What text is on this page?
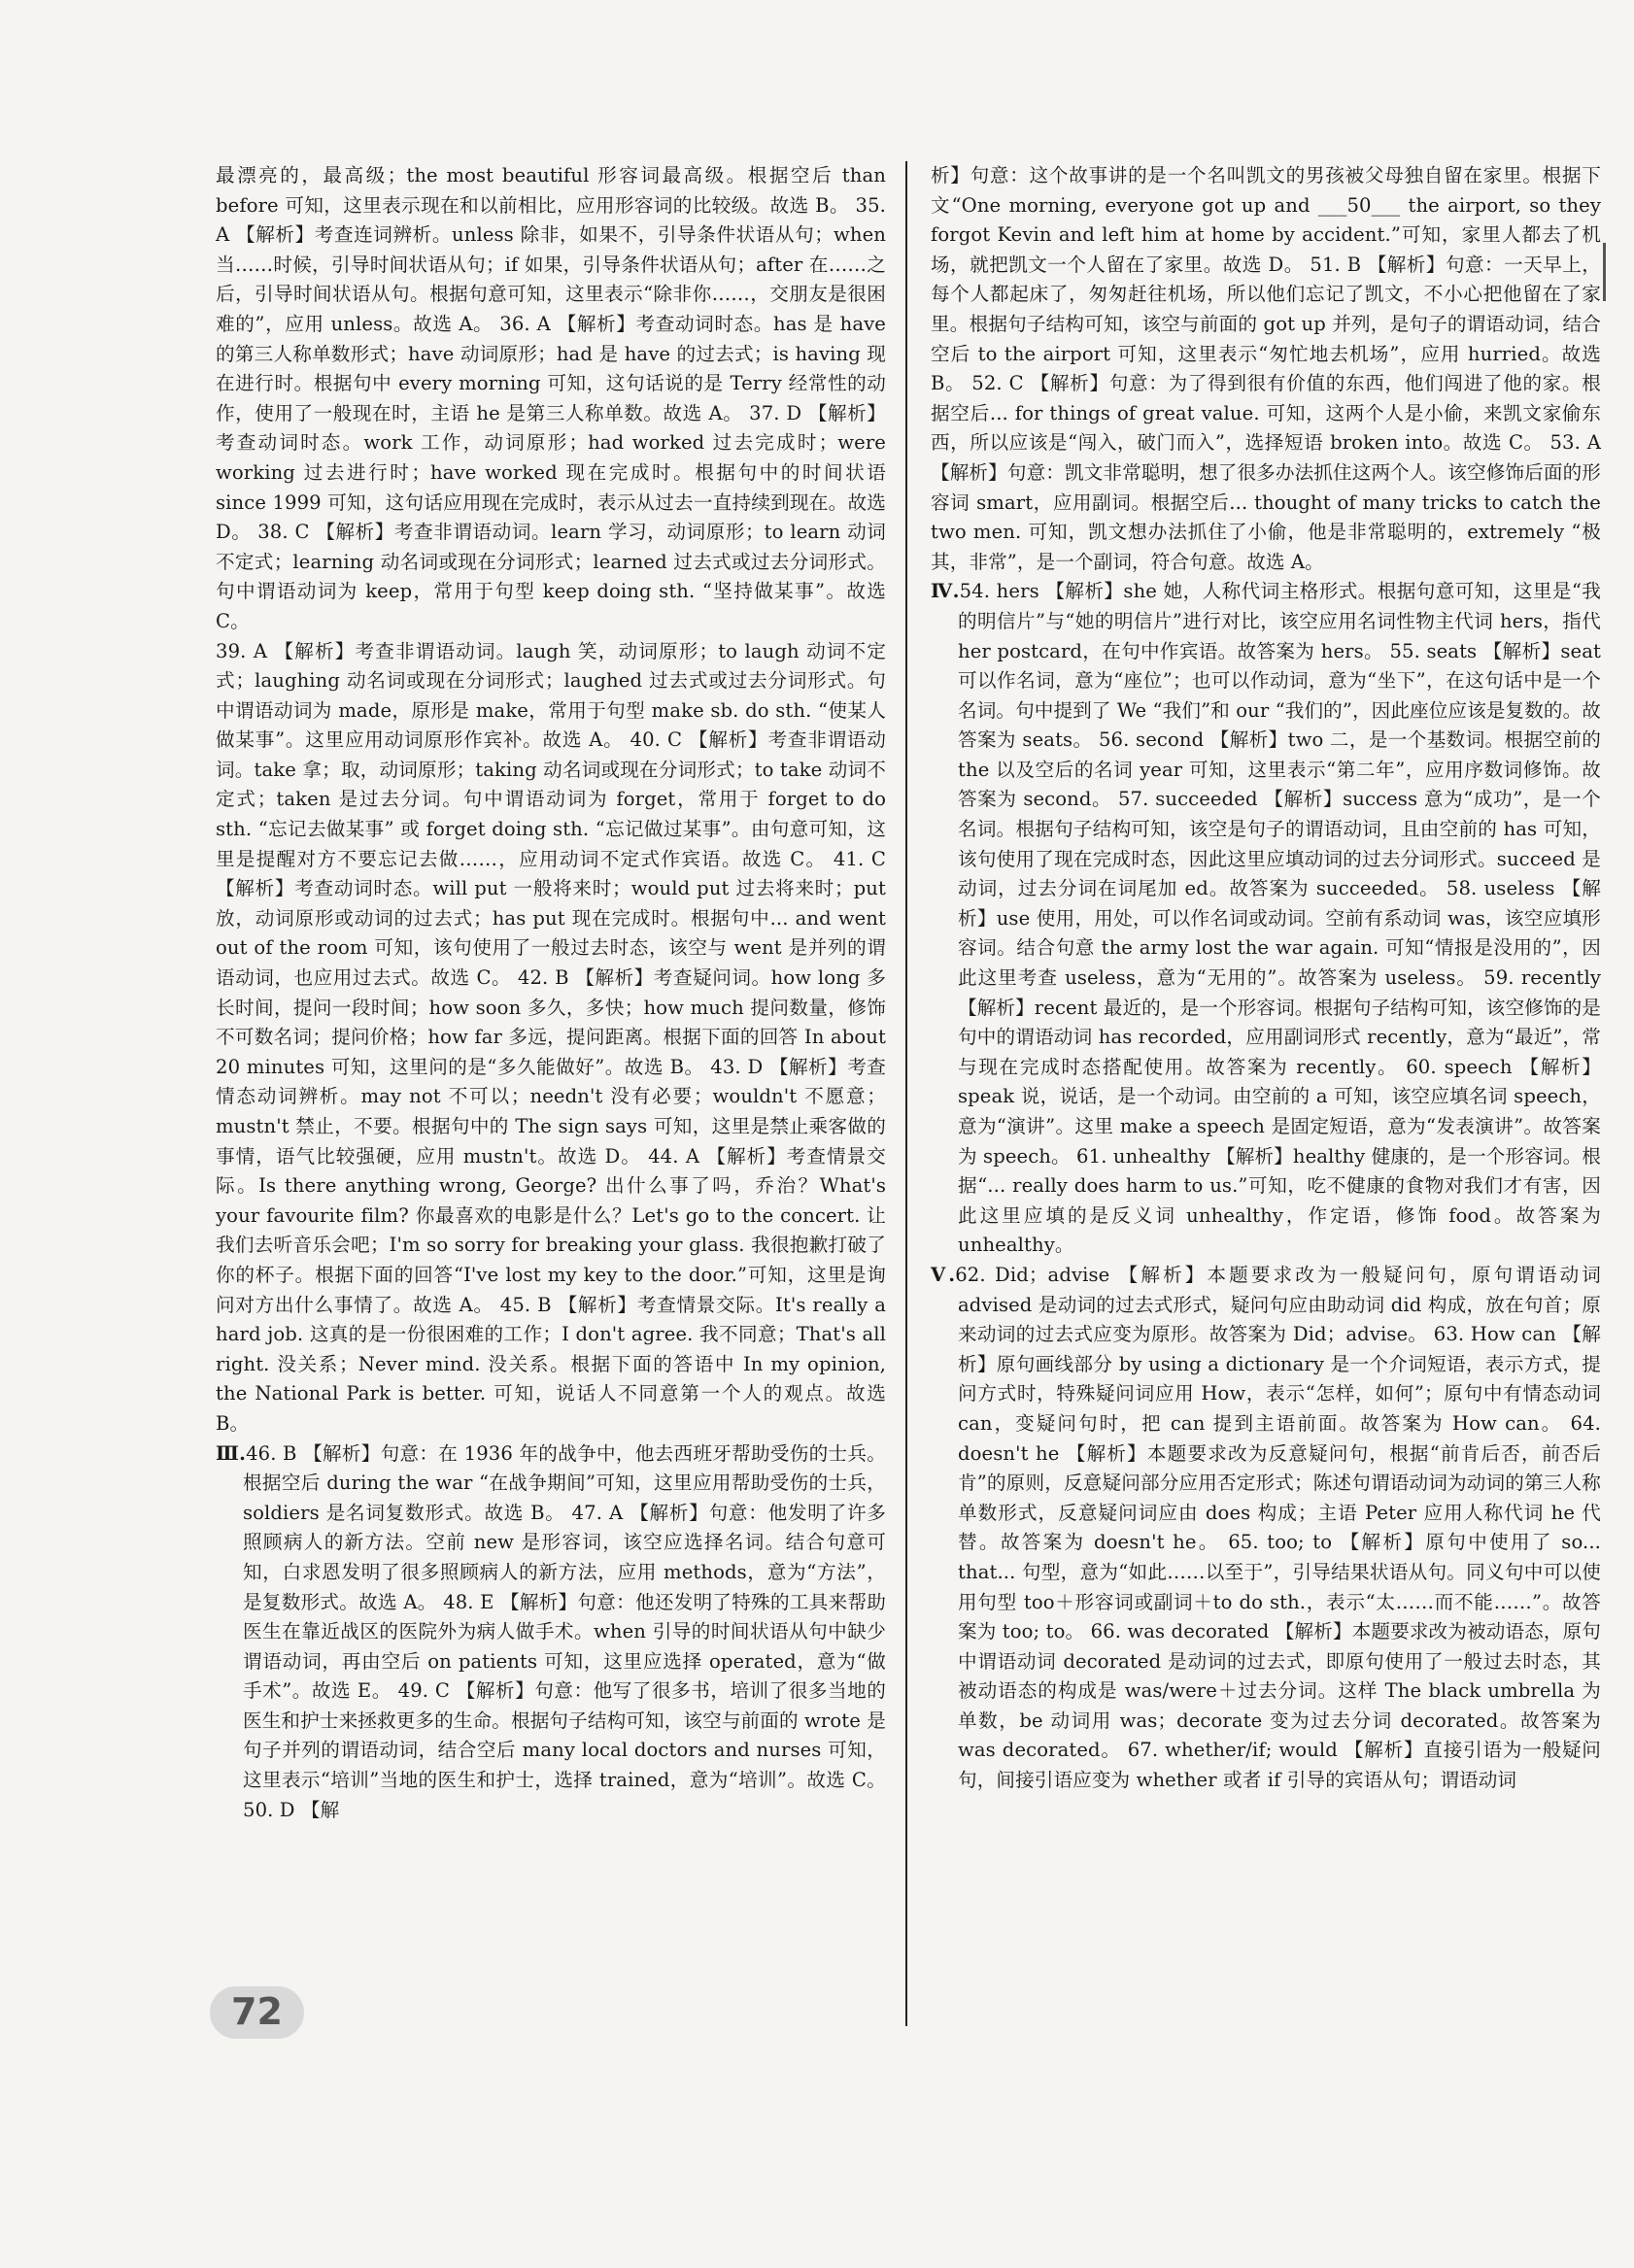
最漂亮的，最高级；the most beautiful 形容词最高级。根据空后 than before 可知，这里表示现在和以前相比，应用形容词的比较级。故选 B。 35. A 【解析】考查连词辨析。unless 除非，如果不，引导条件状语从句；when 当……时候，引导时间状语从句；if 如果，引导条件状语从句；after 在……之后，引导时间状语从句。根据句意可知，这里表示“除非你……，交朋友是很困难的”，应用 unless。故选 A。 36. A 【解析】考查动词时态。has 是 have 的第三人称单数形式；have 动词原形；had 是 have 的过去式；is having 现在进行时。根据句中 every morning 可知，这句话说的是 Terry 经常性的动作，使用了一般现在时，主语 he 是第三人称单数。故选 A。 37. D 【解析】考查动词时态。work 工作，动词原形；had worked 过去完成时；were working 过去进行时；have worked 现在完成时。根据句中的时间状语 since 1999 可知，这句话应用现在完成时，表示从过去一直持续到现在。故选 D。 38. C 【解析】考查非谓语动词。learn 学习，动词原形；to learn 动词不定式；learning 动名词或现在分词形式；learned 过去式或过去分词形式。句中谓语动词为 keep，常用于句型 keep doing sth. “坚持做某事”。故选 C。

39. A 【解析】考查非谓语动词。laugh 笑，动词原形；to laugh 动词不定式；laughing 动名词或现在分词形式；laughed 过去式或过去分词形式。句中谓语动词为 made，原形是 make，常用于句型 make sb. do sth. “使某人做某事”。这里应用动词原形作宾补。故选 A。 40. C 【解析】考查非谓语动词。take 拿；取，动词原形；taking 动名词或现在分词形式；to take 动词不定式；taken 是过去分词。句中谓语动词为 forget，常用于 forget to do sth. “忘记去做某事” 或 forget doing sth. “忘记做过某事”。由句意可知，这里是提醒对方不要忘记去做……，应用动词不定式作宾语。故选 C。 41. C 【解析】考查动词时态。will put 一般将来时；would put 过去将来时；put 放，动词原形或动词的过去式；has put 现在完成时。根据句中... and went out of the room 可知，该句使用了一般过去时态，该空与 went 是并列的谓语动词，也应用过去式。故选 C。 42. B 【解析】考查疑问词。how long 多长时间，提问一段时间；how soon 多久，多快；how much 提问数量，修饰不可数名词；提问价格；how far 多远，提问距离。根据下面的回答 In about 20 minutes 可知，这里问的是“多久能做好”。故选 B。 43. D 【解析】考查情态动词辨析。may not 不可以；needn't 没有必要；wouldn't 不愿意；mustn't 禁止，不要。根据句中的 The sign says 可知，这里是禁止乘客做的事情，语气比较强硬，应用 mustn't。故选 D。 44. A 【解析】考查情景交际。Is there anything wrong, George? 出什么事了吗，乔治？What's your favourite film? 你最喜欢的电影是什么？Let's go to the concert. 让我们去听音乐会吧；I'm so sorry for breaking your glass. 我很抱歉打破了你的杯子。根据下面的回答“I've lost my key to the door.”可知，这里是询问对方出什么事情了。故选 A。 45. B 【解析】考查情景交际。It's really a hard job. 这真的是一份很困难的工作；I don't agree. 我不同意；That's all right. 没关系；Never mind. 没关系。根据下面的答语中 In my opinion, the National Park is better. 可知，说话人不同意第一个人的观点。故选 B。

Ⅲ.46. B 【解析】句意：在 1936 年的战争中，他去西班牙帮助受伤的士兵。根据空后 during the war “在战争期间”可知，这里应用帮助受伤的士兵，soldiers 是名词复数形式。故选 B。 47. A 【解析】句意：他发明了许多照顾病人的新方法。空前 new 是形容词，该空应选择名词。结合句意可知，白求恩发明了很多照顾病人的新方法，应用 methods，意为“方法”，是复数形式。故选 A。 48. E 【解析】句意：他还发明了特殊的工具来帮助医生在靠近战区的医院外为病人做手术。when 引导的时间状语从句中缺少谓语动词，再由空后 on patients 可知，这里应选择 operated，意为“做手术”。故选 E。 49. C 【解析】句意：他写了很多书，培训了很多当地的医生和护士来拯救更多的生命。根据句子结构可知，该空与前面的 wrote 是句子并列的谓语动词，结合空后 many local doctors and nurses 可知，这里表示“培训”当地的医生和护士，选择 trained，意为“培训”。故选 C。 50. D 【解

析】句意：这个故事讲的是一个名叫凯文的男孩被父母独自留在家里。根据下文“One morning, everyone got up and ___50___ the airport, so they forgot Kevin and left him at home by accident.”可知，家里人都去了机场，就把凯文一个人留在了家里。故选 D。 51. B 【解析】句意：一天早上，每个人都起床了，匆匆赶往机场，所以他们忘记了凯文，不小心把他留在了家里。根据句子结构可知，该空与前面的 got up 并列，是句子的谓语动词，结合空后 to the airport 可知，这里表示“匆忙地去机场”，应用 hurried。故选 B。 52. C 【解析】句意：为了得到很有价值的东西，他们闯进了他的家。根据空后... for things of great value. 可知，这两个人是小偷，来凯文家偷东西，所以应该是“闯入，破门而入”，选择短语 broken into。故选 C。 53. A 【解析】句意：凯文非常聪明，想了很多办法抓住这两个人。该空修饰后面的形容词 smart，应用副词。根据空后... thought of many tricks to catch the two men. 可知，凯文想办法抓住了小偷，他是非常聪明的，extremely “极其，非常”，是一个副词，符合句意。故选 A。

Ⅳ.54. hers 【解析】she 她，人称代词主格形式。根据句意可知，这里是“我的明信片”与“她的明信片”进行对比，该空应用名词性物主代词 hers，指代 her postcard，在句中作宾语。故答案为 hers。 55. seats 【解析】seat 可以作名词，意为“座位”；也可以作动词，意为“坐下”，在这句话中是一个名词。句中提到了 We “我们”和 our “我们的”，因此座位应该是复数的。故答案为 seats。 56. second 【解析】two 二，是一个基数词。根据空前的 the 以及空后的名词 year 可知，这里表示“第二年”，应用序数词修饰。故答案为 second。 57. succeeded 【解析】success 意为“成功”，是一个名词。根据句子结构可知，该空是句子的谓语动词，且由空前的 has 可知，该句使用了现在完成时态，因此这里应填动词的过去分词形式。succeed 是动词，过去分词在词尾加 ed。故答案为 succeeded。 58. useless 【解析】use 使用，用处，可以作名词或动词。空前有系动词 was，该空应填形容词。结合句意 the army lost the war again. 可知“情报是没用的”，因此这里考查 useless，意为“无用的”。故答案为 useless。 59. recently 【解析】recent 最近的，是一个形容词。根据句子结构可知，该空修饰的是句中的谓语动词 has recorded，应用副词形式 recently，意为“最近”，常与现在完成时态搭配使用。故答案为 recently。 60. speech 【解析】speak 说，说话，是一个动词。由空前的 a 可知，该空应填名词 speech，意为“演讲”。这里 make a speech 是固定短语，意为“发表演讲”。故答案为 speech。 61. unhealthy 【解析】healthy 健康的，是一个形容词。根据“... really does harm to us.”可知，吃不健康的食物对我们才有害，因此这里应填的是反义词 unhealthy，作定语，修饰 food。故答案为 unhealthy。

Ⅴ.62. Did；advise 【解析】本题要求改为一般疑问句，原句谓语动词 advised 是动词的过去式形式，疑问句应由助动词 did 构成，放在句首；原来动词的过去式应变为原形。故答案为 Did；advise。 63. How can 【解析】原句画线部分 by using a dictionary 是一个介词短语，表示方式，提问方式时，特殊疑问词应用 How，表示“怎样，如何”；原句中有情态动词 can，变疑问句时，把 can 提到主语前面。故答案为 How can。 64. doesn't he 【解析】本题要求改为反意疑问句，根据“前肯后否，前否后肯”的原则，反意疑问部分应用否定形式；陈述句谓语动词为动词的第三人称单数形式，反意疑问词应由 does 构成；主语 Peter 应用人称代词 he 代替。故答案为 doesn't he。 65. too; to 【解析】原句中使用了 so... that... 句型，意为“如此……以至于”，引导结果状语从句。同义句中可以使用句型 too＋形容词或副词＋to do sth.，表示“太……而不能……”。故答案为 too; to。 66. was decorated 【解析】本题要求改为被动语态，原句中谓语动词 decorated 是动词的过去式，即原句使用了一般过去时态，其被动语态的构成是 was/were＋过去分词。这样 The black umbrella 为单数，be 动词用 was；decorate 变为过去分词 decorated。故答案为 was decorated。 67. whether/if; would 【解析】直接引语为一般疑问句，间接引语应变为 whether 或者 if 引导的宾语从句；谓语动词

72
